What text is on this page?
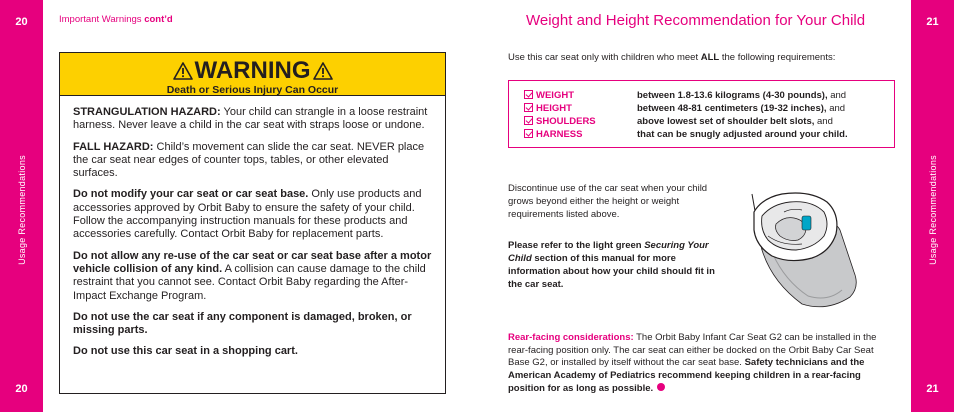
20
Usage Recommendations
20
21
Usage Recommendations
21
Important Warnings cont’d	Weight and Height Recommendation for Your Child
WARNING
Death or Serious Injury Can Occur

STRANGULATION HAZARD: Your child can strangle in a loose restraint harness. Never leave a child in the car seat with straps loose or undone.

FALL HAZARD: Child’s movement can slide the car seat. NEVER place the car seat near edges of counter tops, tables, or other elevated surfaces.

Do not modify your car seat or car seat base. Only use products and accessories approved by Orbit Baby to ensure the safety of your child. Follow the accompanying instruction manuals for these products and accessories carefully. Contact Orbit Baby for replacement parts.

Do not allow any re-use of the car seat or car seat base after a motor vehicle collision of any kind. A collision can cause damage to the child restraint that you cannot see. Contact Orbit Baby regarding the After-Impact Exchange Program.

Do not use the car seat if any component is damaged, broken, or missing parts.

Do not use this car seat in a shopping cart.

Use this car seat only with children who meet ALL the following requirements:
WEIGHT	between 1.8-13.6 kilograms (4-30 pounds), and
HEIGHT	between 48-81 centimeters (19-32 inches), and
SHOULDERS	above lowest set of shoulder belt slots, and
HARNESS	that can be snugly adjusted around your child.
Discontinue use of the car seat when your child grows beyond either the height or weight requirements listed above.
Please refer to the light green Securing Your Child section of this manual for more information about how your child should fit in the car seat.
Rear-facing considerations: The Orbit Baby Infant Car Seat G2 can be installed in the rear-facing position only. The car seat can either be docked on the Orbit Baby Car Seat Base G2, or installed by itself without the car seat base. Safety technicians and the American Academy of Pediatrics recommend keeping children in a rear-facing position for as long as possible.
